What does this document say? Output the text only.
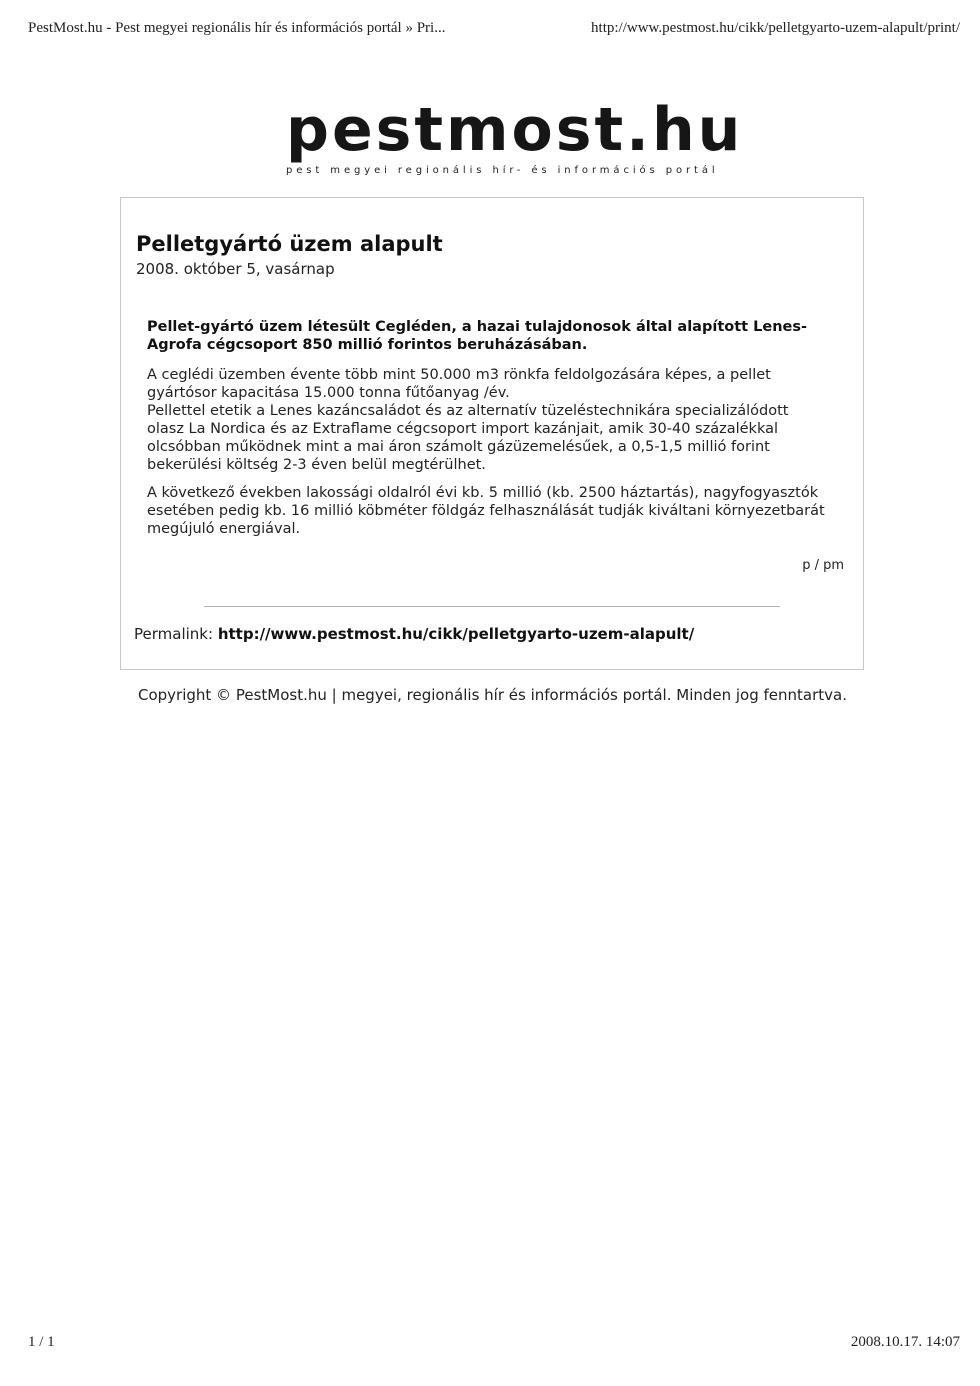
PestMost.hu - Pest megyei regionális hír és információs portál » Pri...	http://www.pestmost.hu/cikk/pelletgyarto-uzem-alapult/print/
pestmost.hu
pest megyei regionális hír- és információs portál
Pelletgyártó üzem alapult
2008. október 5, vasárnap

Pellet-gyártó üzem létesült Cegléden, a hazai tulajdonosok által alapított Lenes-Agrofa cégcsoport 850 millió forintos beruházásában.

A ceglédi üzemben évente több mint 50.000 m3 rönkfa feldolgozására képes, a pellet gyártósor kapacitása 15.000 tonna fűtőanyag /év.

Pellettel etetik a Lenes kazáncsaládot és az alternatív tüzeléstechnikára specializálódott olasz La Nordica és az Extraflame cégcsoport import kazánjait, amik 30-40 százalékkal olcsóbban működnek mint a mai áron számolt gázüzemelésűek, a 0,5-1,5 millió forint bekerülési költség 2-3 éven belül megtérülhet.

A következő években lakossági oldalról évi kb. 5 millió (kb. 2500 háztartás), nagyfogyasztók esetében pedig kb. 16 millió köbméter földgáz felhasználását tudják kiváltani környezetbarát megújuló energiával.

p / pm
Permalink: http://www.pestmost.hu/cikk/pelletgyarto-uzem-alapult/
Copyright © PestMost.hu | megyei, regionális hír és információs portál. Minden jog fenntartva.
1 / 1	2008.10.17. 14:07
